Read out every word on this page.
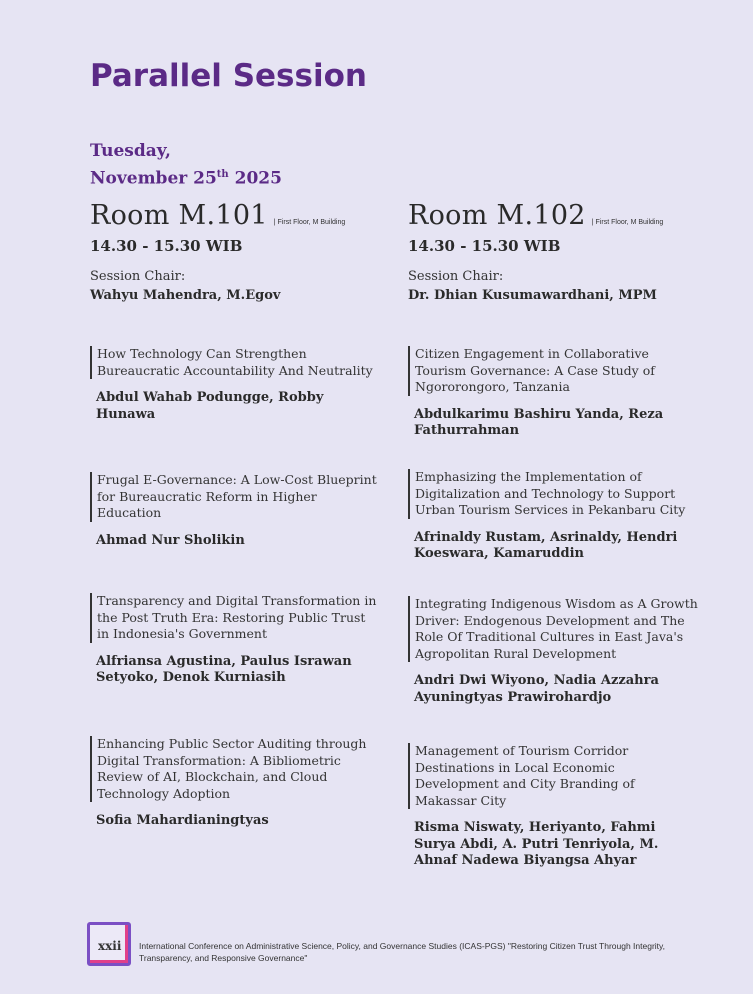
Parallel Session
Tuesday,
November 25th 2025
Room M.101 | First Floor, M Building
14.30 - 15.30 WIB
Session Chair:
Wahyu Mahendra, M.Egov
How Technology Can Strengthen Bureaucratic Accountability And Neutrality
Abdul Wahab Podungge, Robby Hunawa
Frugal E-Governance: A Low-Cost Blueprint for Bureaucratic Reform in Higher Education
Ahmad Nur Sholikin
Transparency and Digital Transformation in the Post Truth Era: Restoring Public Trust in Indonesia's Government
Alfriansa Agustina, Paulus Israwan Setyoko, Denok Kurniasih
Enhancing Public Sector Auditing through Digital Transformation: A Bibliometric Review of AI, Blockchain, and Cloud Technology Adoption
Sofia Mahardianingtyas
Room M.102 | First Floor, M Building
14.30 - 15.30 WIB
Session Chair:
Dr. Dhian Kusumawardhani, MPM
Citizen Engagement in Collaborative Tourism Governance: A Case Study of Ngororongoro, Tanzania
Abdulkarimu Bashiru Yanda, Reza Fathurrahman
Emphasizing the Implementation of Digitalization and Technology to Support Urban Tourism Services in Pekanbaru City
Afrinaldy Rustam, Asrinaldy, Hendri Koeswara, Kamaruddin
Integrating Indigenous Wisdom as A Growth Driver: Endogenous Development and The Role Of Traditional Cultures in East Java's Agropolitan Rural Development
Andri Dwi Wiyono, Nadia Azzahra Ayuningtyas Prawirohardjo
Management of Tourism Corridor Destinations in Local Economic Development and City Branding of Makassar City
Risma Niswaty, Heriyanto, Fahmi Surya Abdi, A. Putri Tenriyola, M. Ahnaf Nadewa Biyangsa Ahyar
xxii International Conference on Administrative Science, Policy, and Governance Studies (ICAS-PGS) "Restoring Citizen Trust Through Integrity, Transparency, and Responsive Governance"
